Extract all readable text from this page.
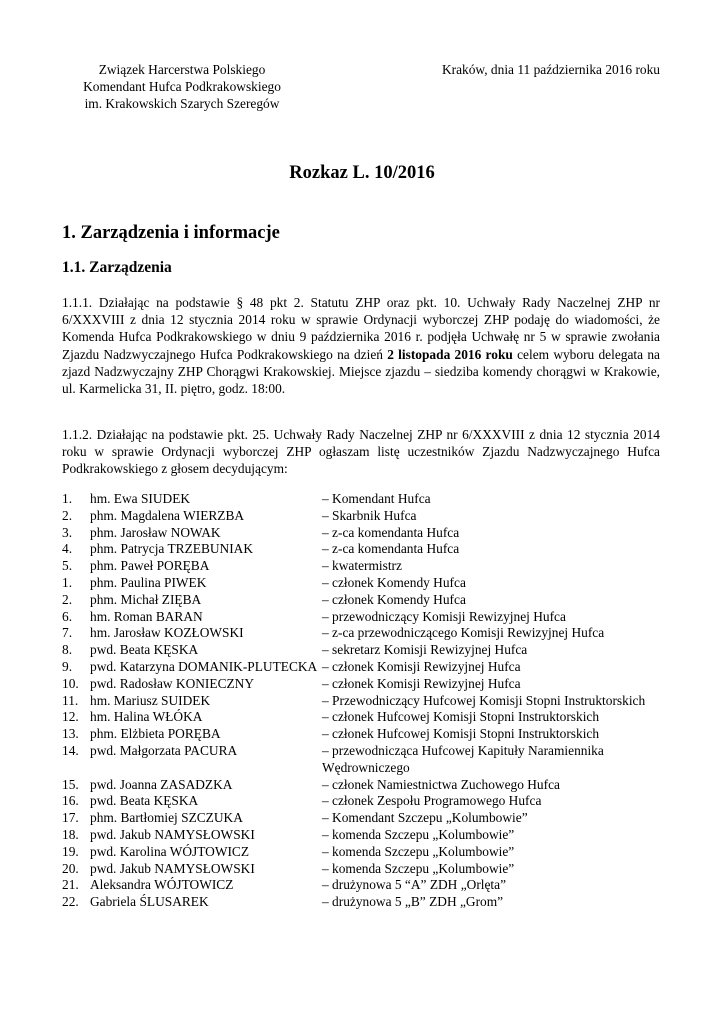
Związek Harcerstwa Polskiego
Komendant Hufca Podkrakowskiego
im. Krakowskich Szarych Szeregów
Kraków, dnia 11 października 2016 roku
Rozkaz L. 10/2016
1. Zarządzenia i informacje
1.1. Zarządzenia

1.1.1. Działając na podstawie § 48 pkt 2. Statutu ZHP oraz pkt. 10. Uchwały Rady Naczelnej ZHP nr 6/XXXVIII z dnia 12 stycznia 2014 roku w sprawie Ordynacji wyborczej ZHP podaję do wiadomości, że Komenda Hufca Podkrakowskiego w dniu 9 października 2016 r. podjęła Uchwałę nr 5 w sprawie zwołania Zjazdu Nadzwyczajnego Hufca Podkrakowskiego na dzień 2 listopada 2016 roku celem wyboru delegata na zjazd Nadzwyczajny ZHP Chorągwi Krakowskiej. Miejsce zjazdu – siedziba komendy chorągwi w Krakowie, ul. Karmelicka 31, II. piętro, godz. 18:00.

1.1.2. Działając na podstawie pkt. 25. Uchwały Rady Naczelnej ZHP nr 6/XXXVIII z dnia 12 stycznia 2014 roku w sprawie Ordynacji wyborczej ZHP ogłaszam listę uczestników Zjazdu Nadzwyczajnego Hufca Podkrakowskiego z głosem decydującym:

1.	hm. Ewa SIUDEK	– Komendant Hufca
2.	phm. Magdalena WIERZBA	– Skarbnik Hufca
3.	phm. Jarosław NOWAK	– z-ca komendanta Hufca
4.	phm. Patrycja TRZEBUNIAK	– z-ca komendanta Hufca
5.	phm. Paweł PORĘBA	– kwatermistrz
1.	phm. Paulina PIWEK	– członek Komendy Hufca
2.	phm. Michał ZIĘBA	– członek Komendy Hufca
6.	hm. Roman BARAN	– przewodniczący Komisji Rewizyjnej Hufca
7.	hm. Jarosław KOZŁOWSKI	– z-ca przewodniczącego Komisji Rewizyjnej Hufca
8.	pwd. Beata KĘSKA	– sekretarz Komisji Rewizyjnej Hufca
9.	pwd. Katarzyna DOMANIK-PLUTECKA – członek Komisji Rewizyjnej Hufca
10. pwd. Radosław KONIECZNY	– członek Komisji Rewizyjnej Hufca
11. hm. Mariusz SUIDEK	– Przewodniczący Hufcowej Komisji Stopni Instruktorskich
12. hm. Halina WŁÓKA	– członek Hufcowej Komisji Stopni Instruktorskich
13. phm. Elżbieta PORĘBA	– członek Hufcowej Komisji Stopni Instruktorskich
14. pwd. Małgorzata PACURA	– przewodnicząca Hufcowej Kapituły Naramiennika Wędrowniczego
15. pwd. Joanna ZASADZKA	– członek Namiestnictwa Zuchowego Hufca
16. pwd. Beata KĘSKA	– członek Zespołu Programowego Hufca
17. phm. Bartłomiej SZCZUKA	– Komendant Szczepu „Kolumbowie”
18. pwd. Jakub NAMYSŁOWSKI	– komenda Szczepu „Kolumbowie”
19. pwd. Karolina WÓJTOWICZ	– komenda Szczepu „Kolumbowie”
20. pwd. Jakub NAMYSŁOWSKI	– komenda Szczepu „Kolumbowie”
21. Aleksandra WÓJTOWICZ	– drużynowa 5 “A” ZDH „Orlęta”
22. Gabriela ŚLUSAREK	– drużynowa 5 „B” ZDH „Grom”
